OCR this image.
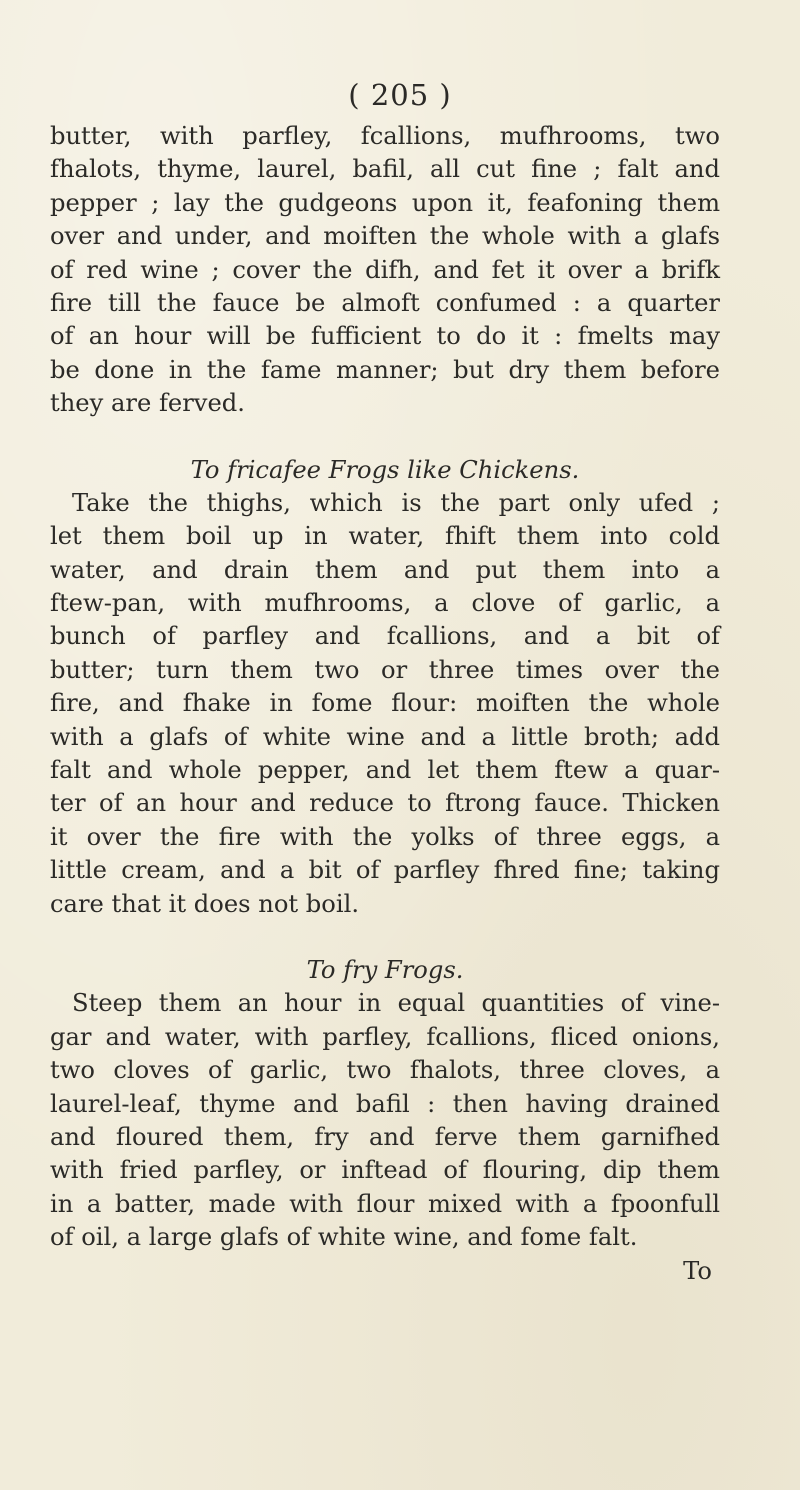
( 205 )
butter, with parfley, fcallions, mufhrooms, two
fhalots, thyme, laurel, bafil, all cut fine ; falt and
pepper ; lay the gudgeons upon it, feafoning them
over and under, and moiften the whole with a glafs
of red wine ; cover the difh, and fet it over a brifk
fire till the fauce be almoft confumed : a quarter
of an hour will be fufficient to do it : fmelts may
be done in the fame manner; but dry them before
they are ferved.
To fricafee Frogs like Chickens.
Take the thighs, which is the part only ufed ;
let them boil up in water, fhift them into cold
water, and drain them and put them into a
ftew-pan, with mufhrooms, a clove of garlic, a
bunch of parfley and fcallions, and a bit of
butter; turn them two or three times over the
fire, and fhake in fome flour: moiften the whole
with a glafs of white wine and a little broth; add
falt and whole pepper, and let them ftew a quar-
ter of an hour and reduce to ftrong fauce. Thicken
it over the fire with the yolks of three eggs, a
little cream, and a bit of parfley fhred fine; taking
care that it does not boil.
To fry Frogs.
Steep them an hour in equal quantities of vine-
gar and water, with parfley, fcallions, fliced onions,
two cloves of garlic, two fhalots, three cloves, a
laurel-leaf, thyme and bafil : then having drained
and floured them, fry and ferve them garnifhed
with fried parfley, or inftead of flouring, dip them
in a batter, made with flour mixed with a fpoonfull
of oil, a large glafs of white wine, and fome falt.
To
